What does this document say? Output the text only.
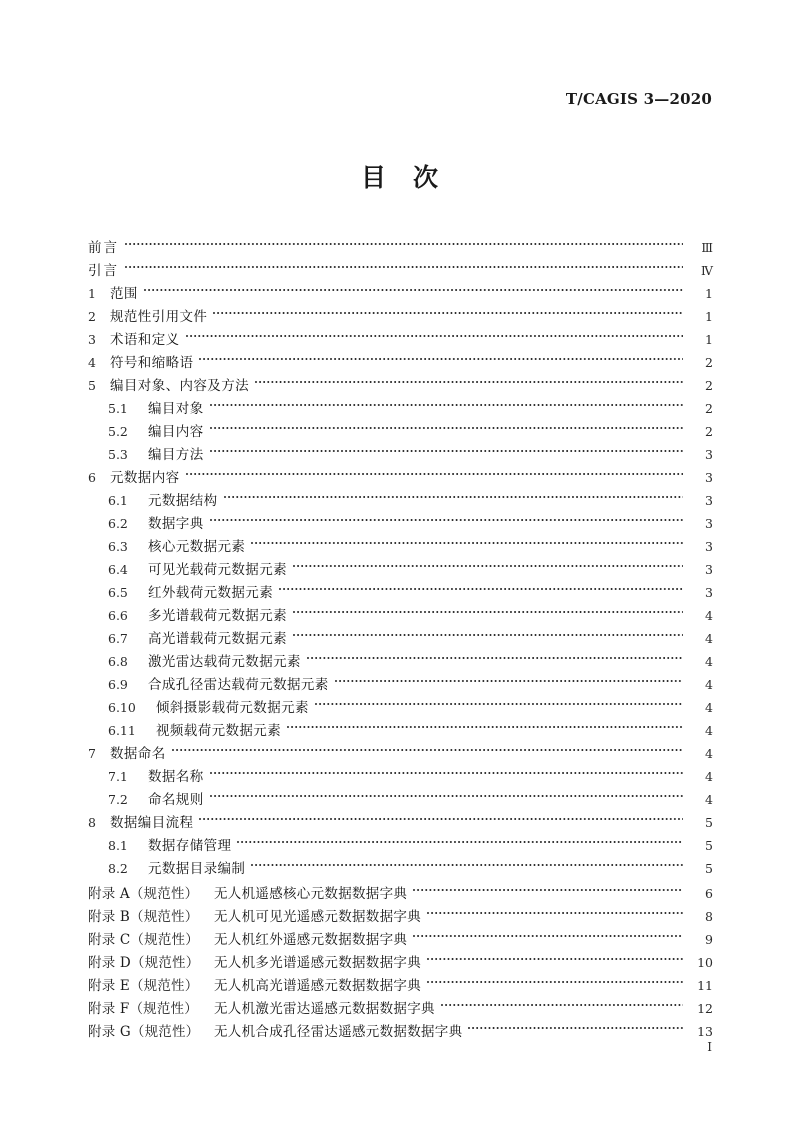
T/CAGIS 3—2020
目 次
前言	Ⅲ
引言	Ⅳ
1	范围	1
2	规范性引用文件	1
3	术语和定义	1
4	符号和缩略语	2
5	编目对象、内容及方法	2
5.1	编目对象	2
5.2	编目内容	2
5.3	编目方法	3
6	元数据内容	3
6.1	元数据结构	3
6.2	数据字典	3
6.3	核心元数据元素	3
6.4	可见光载荷元数据元素	3
6.5	红外载荷元数据元素	3
6.6	多光谱载荷元数据元素	4
6.7	高光谱载荷元数据元素	4
6.8	激光雷达载荷元数据元素	4
6.9	合成孔径雷达载荷元数据元素	4
6.10	倾斜摄影载荷元数据元素	4
6.11	视频载荷元数据元素	4
7	数据命名	4
7.1	数据名称	4
7.2	命名规则	4
8	数据编目流程	5
8.1	数据存储管理	5
8.2	元数据目录编制	5
附录 A（规范性）	无人机遥感核心元数据数据字典	6
附录 B（规范性）	无人机可见光遥感元数据数据字典	8
附录 C（规范性）	无人机红外遥感元数据数据字典	9
附录 D（规范性）	无人机多光谱遥感元数据数据字典	10
附录 E（规范性）	无人机高光谱遥感元数据数据字典	11
附录 F（规范性）	无人机激光雷达遥感元数据数据字典	12
附录 G（规范性）	无人机合成孔径雷达遥感元数据数据字典	13
I
